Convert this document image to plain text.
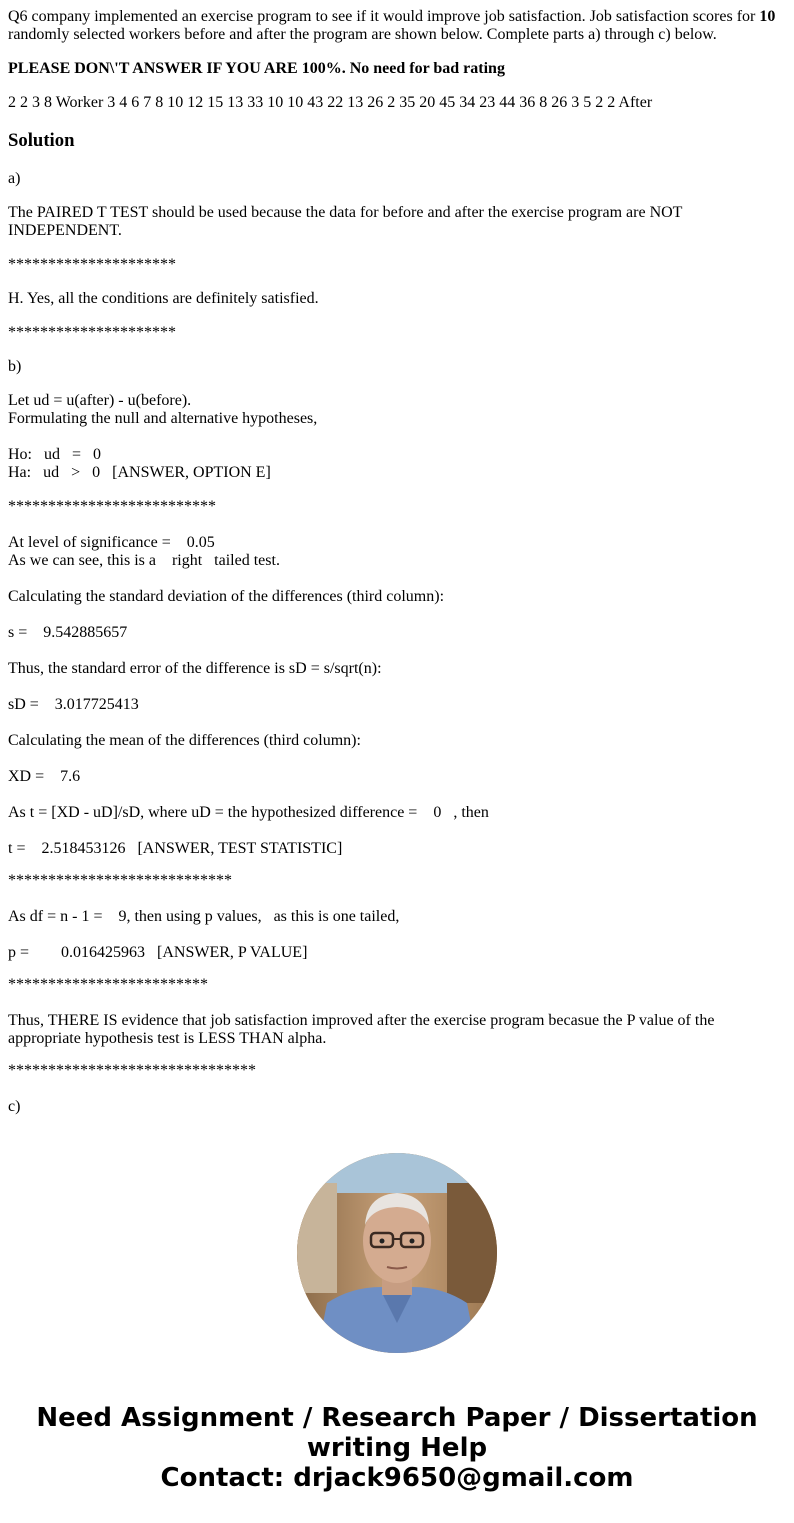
Q6 company implemented an exercise program to see if it would improve job satisfaction. Job satisfaction scores for 10 randomly selected workers before and after the program are shown below. Complete parts a) through c) below.

PLEASE DON\'T ANSWER IF YOU ARE 100%. No need for bad rating

2 2 3 8 Worker 3 4 6 7 8 10 12 15 13 33 10 10 43 22 13 26 2 35 20 45 34 23 44 36 8 26 3 5 2 2 After

Solution

a)

The PAIRED T TEST should be used because the data for before and after the exercise program are NOT INDEPENDENT.

*********************

H. Yes, all the conditions are definitely satisfied.

*********************

b)

Let ud = u(after) - u(before).
Formulating the null and alternative hypotheses,

Ho:   ud   =   0
Ha:   ud   >   0   [ANSWER, OPTION E]

**************************

At level of significance =    0.05
As we can see, this is a    right   tailed test.

Calculating the standard deviation of the differences (third column):

s =    9.542885657

Thus, the standard error of the difference is sD = s/sqrt(n):

sD =    3.017725413

Calculating the mean of the differences (third column):

XD =    7.6

As t = [XD - uD]/sD, where uD = the hypothesized difference =    0   , then

t =    2.518453126   [ANSWER, TEST STATISTIC]

****************************

As df = n - 1 =    9, then using p values,   as this is one tailed,

p =        0.016425963   [ANSWER, P VALUE]

*************************

Thus, THERE IS evidence that job satisfaction improved after the exercise program becasue the P value of the appropriate hypothesis test is LESS THAN alpha.

*******************************

c)

Need Assignment / Research Paper / Dissertation
writing Help
Contact: drjack9650@gmail.com
